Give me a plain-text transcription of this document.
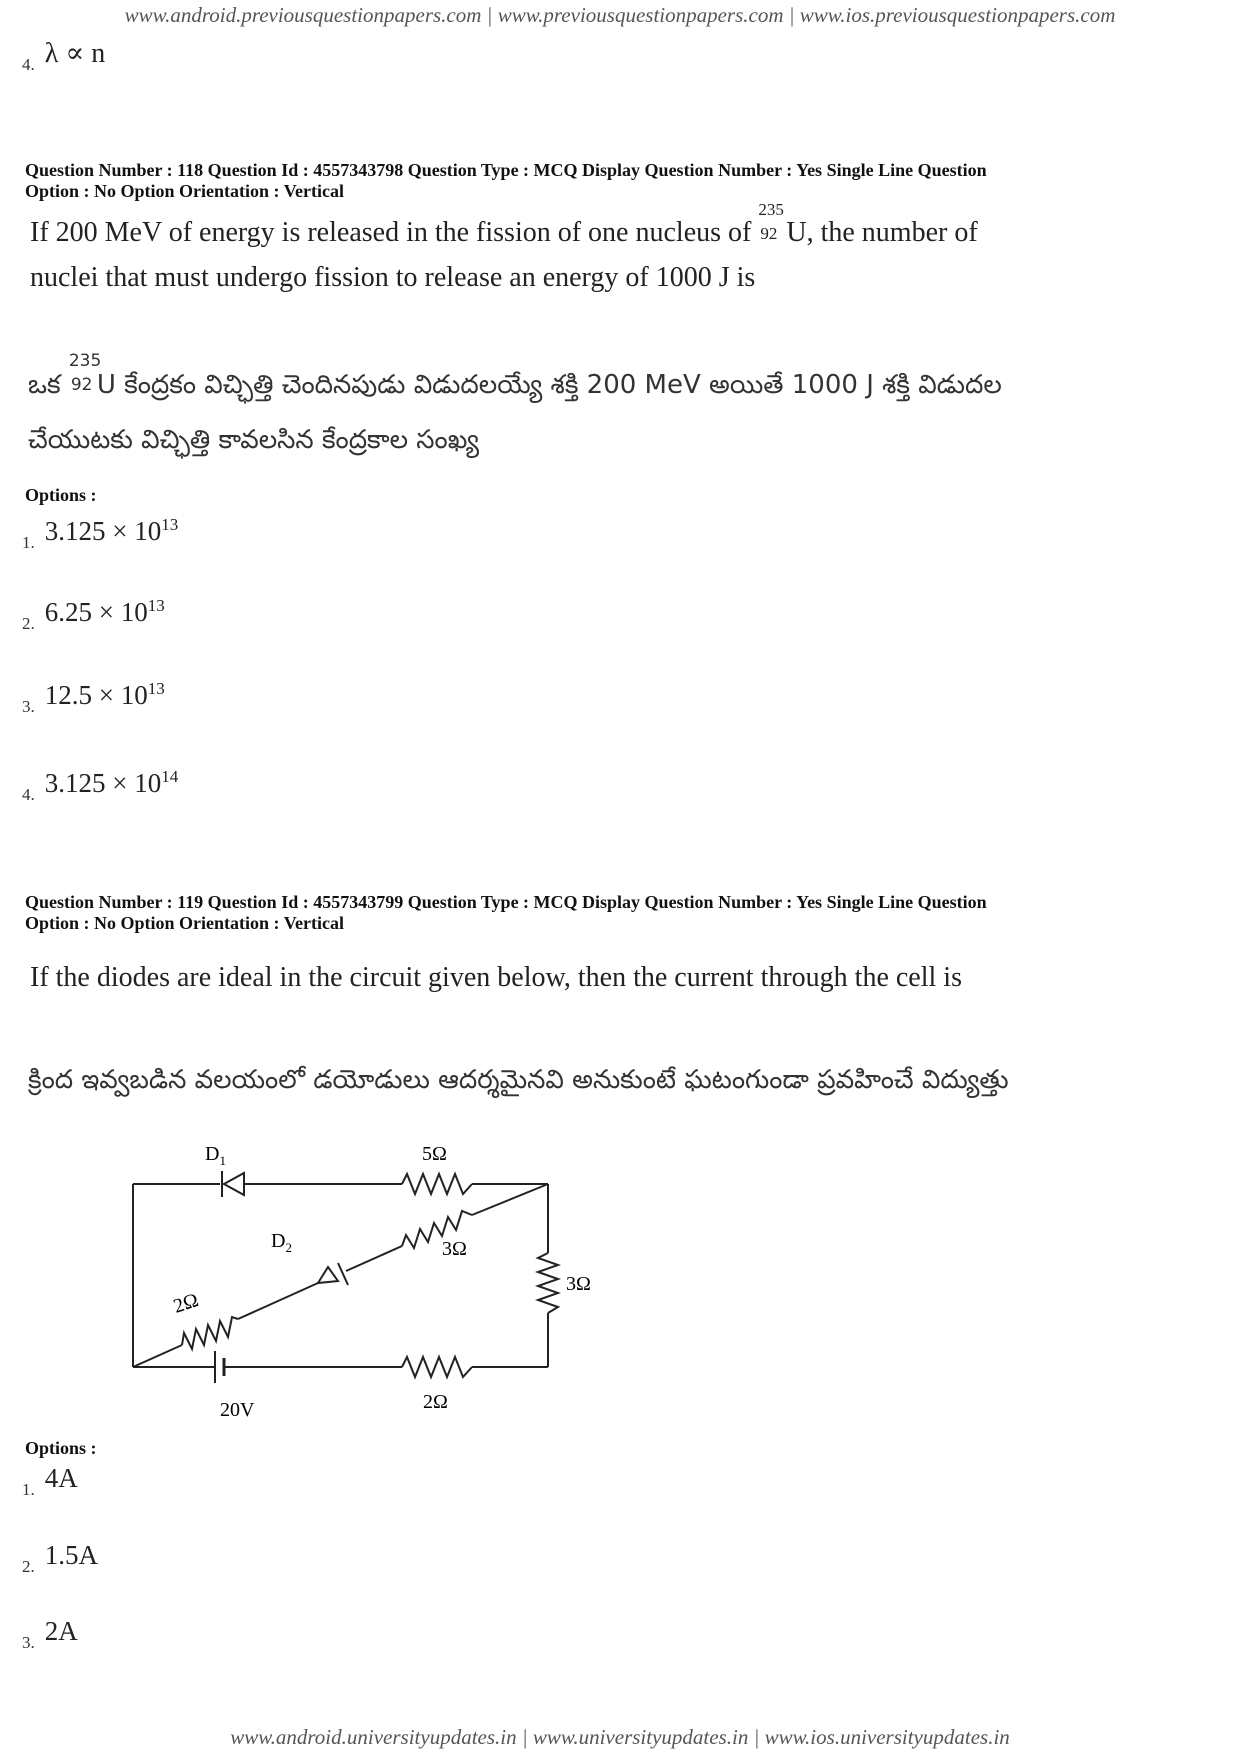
www.android.previousquestionpapers.com | www.previousquestionpapers.com | www.ios.previousquestionpapers.com
4. λ ∝ n
Question Number : 118 Question Id : 4557343798 Question Type : MCQ Display Question Number : Yes Single Line Question
Option : No Option Orientation : Vertical
If 200 MeV of energy is released in the fission of one nucleus of
235
92 U, the number of
nuclei that must undergo fission to release an energy of 1000 J is
ఒక
235
92 U కేంద్రకం విచ్ఛిత్తి చెందినపుడు విడుదలయ్యే శక్తి 200 MeV అయితే 1000 J శక్తి విడుదల
చేయుటకు విచ్ఛిత్తి కావలసిన కేంద్రకాల సంఖ్య
Options :
1. $3.125 \times 10^{13}$
2. $6.25 \times 10^{13}$
3. $12.5 \times 10^{13}$
4. $3.125 \times 10^{14}$
Question Number : 119 Question Id : 4557343799 Question Type : MCQ Display Question Number : Yes Single Line Question
Option : No Option Orientation : Vertical
If the diodes are ideal in the circuit given below, then the current through the cell is
క్రింద ఇవ్వబడిన వలయంలో డయోడులు ఆదర్శమైనవి అనుకుంటే ఘటంగుండా ప్రవహించే విద్యుత్తు
$D_1$	5Ω
$D_2$	3Ω
3Ω
2Ω
20V	2Ω
Options :
1. 4A
2. 1.5A
3. 2A
www.android.universityupdates.in | www.universityupdates.in | www.ios.universityupdates.in
